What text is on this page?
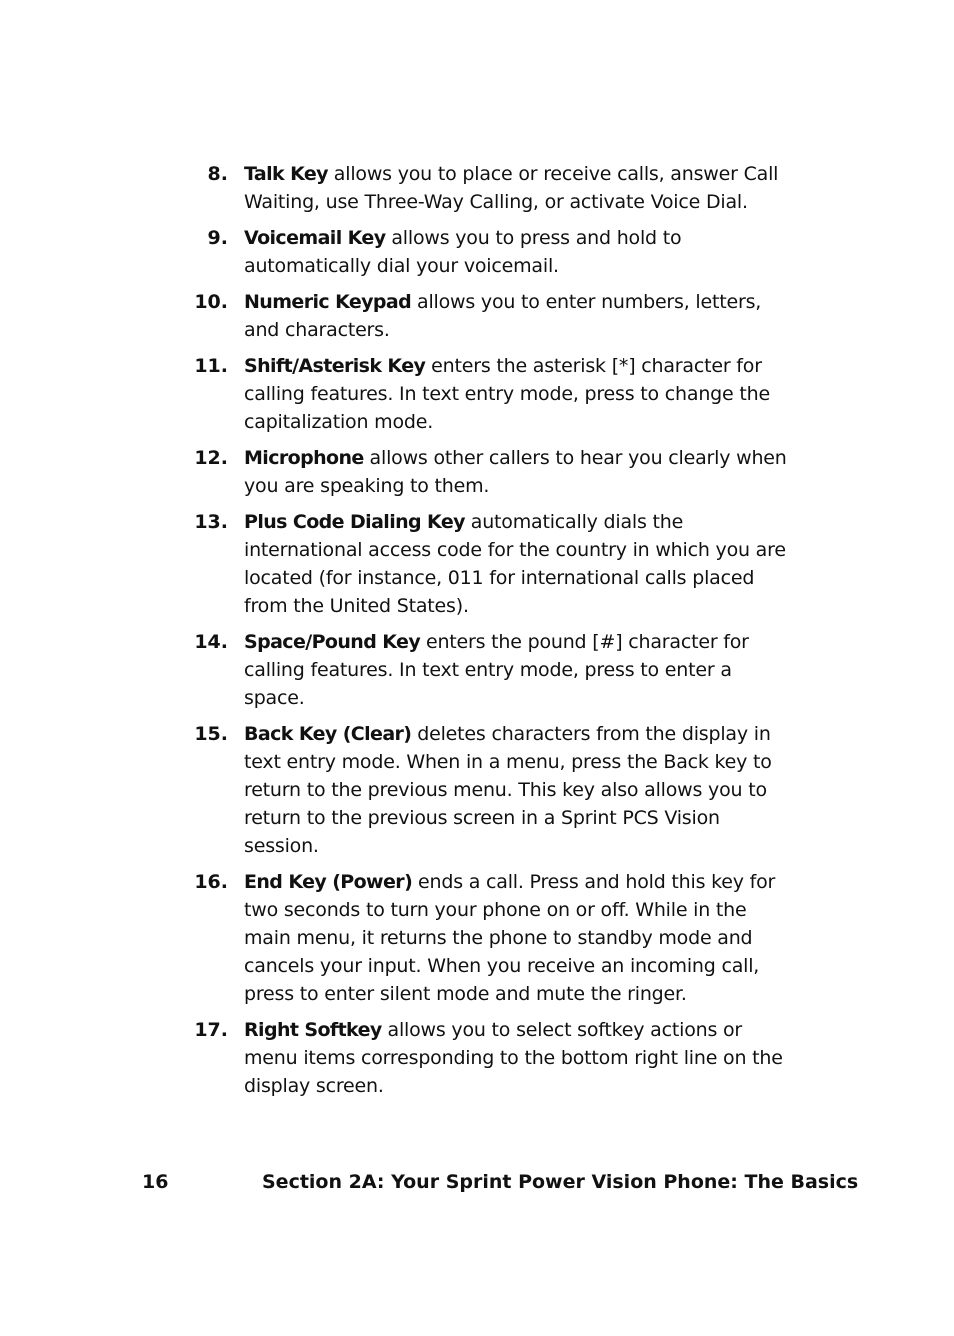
8. Talk Key allows you to place or receive calls, answer Call Waiting, use Three-Way Calling, or activate Voice Dial.
9. Voicemail Key allows you to press and hold to automatically dial your voicemail.
10. Numeric Keypad allows you to enter numbers, letters, and characters.
11. Shift/Asterisk Key enters the asterisk [*] character for calling features. In text entry mode, press to change the capitalization mode.
12. Microphone allows other callers to hear you clearly when you are speaking to them.
13. Plus Code Dialing Key automatically dials the international access code for the country in which you are located (for instance, 011 for international calls placed from the United States).
14. Space/Pound Key enters the pound [#] character for calling features. In text entry mode, press to enter a space.
15. Back Key (Clear) deletes characters from the display in text entry mode. When in a menu, press the Back key to return to the previous menu. This key also allows you to return to the previous screen in a Sprint PCS Vision session.
16. End Key (Power) ends a call. Press and hold this key for two seconds to turn your phone on or off. While in the main menu, it returns the phone to standby mode and cancels your input. When you receive an incoming call, press to enter silent mode and mute the ringer.
17. Right Softkey allows you to select softkey actions or menu items corresponding to the bottom right line on the display screen.
16	Section 2A: Your Sprint Power Vision Phone: The Basics
